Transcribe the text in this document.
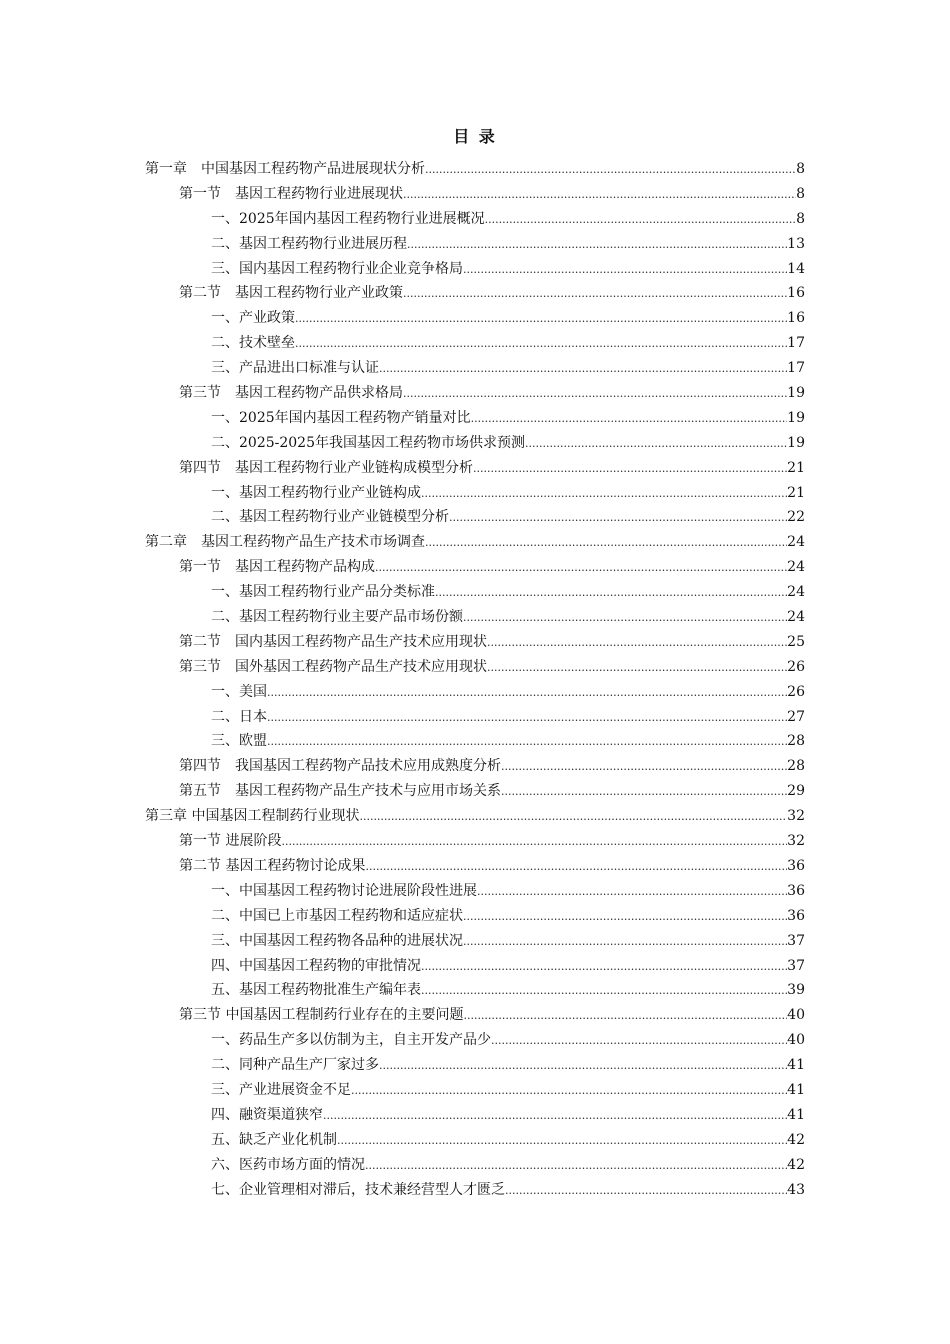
目 录
第一章　中国基因工程药物产品进展现状分析 .....	8
第一节　基因工程药物行业进展现状 .....	8
一、2025年国内基因工程药物行业进展概况 .....	8
二、基因工程药物行业进展历程 .....	13
三、国内基因工程药物行业企业竞争格局 .....	14
第二节　基因工程药物行业产业政策 .....	16
一、产业政策 .....	16
二、技术壁垒 .....	17
三、产品进出口标准与认证 .....	17
第三节　基因工程药物产品供求格局 .....	19
一、2025年国内基因工程药物产销量对比 .....	19
二、2025-2025年我国基因工程药物市场供求预测 .....	19
第四节　基因工程药物行业产业链构成模型分析 .....	21
一、基因工程药物行业产业链构成 .....	21
二、基因工程药物行业产业链模型分析 .....	22
第二章　基因工程药物产品生产技术市场调查 .....	24
第一节　基因工程药物产品构成 .....	24
一、基因工程药物行业产品分类标准 .....	24
二、基因工程药物行业主要产品市场份额 .....	24
第二节　国内基因工程药物产品生产技术应用现状 .....	25
第三节　国外基因工程药物产品生产技术应用现状 .....	26
一、美国 .....	26
二、日本 .....	27
三、欧盟 .....	28
第四节　我国基因工程药物产品技术应用成熟度分析 .....	28
第五节　基因工程药物产品生产技术与应用市场关系 .....	29
第三章 中国基因工程制药行业现状 .....	32
第一节 进展阶段 .....	32
第二节 基因工程药物讨论成果 .....	36
一、中国基因工程药物讨论进展阶段性进展 .....	36
二、中国已上市基因工程药物和适应症状 .....	36
三、中国基因工程药物各品种的进展状况 .....	37
四、中国基因工程药物的审批情况 .....	37
五、基因工程药物批准生产编年表 .....	39
第三节 中国基因工程制药行业存在的主要问题 .....	40
一、药品生产多以仿制为主，自主开发产品少 .....	40
二、同种产品生产厂家过多 .....	41
三、产业进展资金不足 .....	41
四、融资渠道狭窄 .....	41
五、缺乏产业化机制 .....	42
六、医药市场方面的情况 .....	42
七、企业管理相对滞后，技术兼经营型人才匮乏 .....	43
